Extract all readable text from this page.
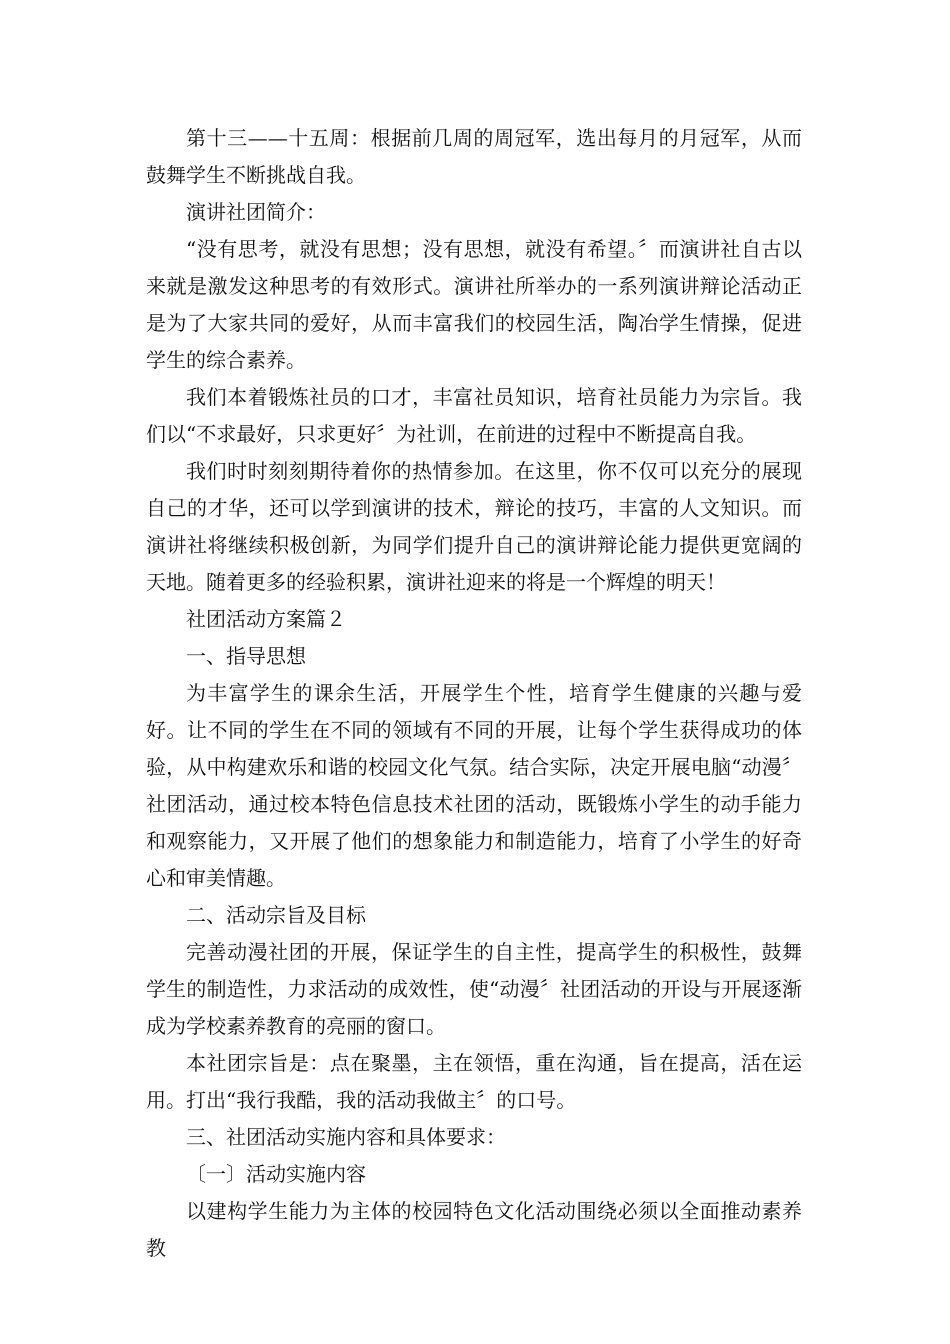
第十三——十五周：根据前几周的周冠军，选出每月的月冠军，从而鼓舞学生不断挑战自我。

演讲社团简介：

“没有思考，就没有思想；没有思想，就没有希望。〞而演讲社自古以来就是激发这种思考的有效形式。演讲社所举办的一系列演讲辩论活动正是为了大家共同的爱好，从而丰富我们的校园生活，陶冶学生情操，促进学生的综合素养。

我们本着锻炼社员的口才，丰富社员知识，培育社员能力为宗旨。我们以“不求最好，只求更好〞为社训，在前进的过程中不断提高自我。

我们时时刻刻期待着你的热情参加。在这里，你不仅可以充分的展现自己的才华，还可以学到演讲的技术，辩论的技巧，丰富的人文知识。而演讲社将继续积极创新，为同学们提升自己的演讲辩论能力提供更宽阔的天地。随着更多的经验积累，演讲社迎来的将是一个辉煌的明天！

社团活动方案篇２

一、指导思想

为丰富学生的课余生活，开展学生个性，培育学生健康的兴趣与爱好。让不同的学生在不同的领域有不同的开展，让每个学生获得成功的体验，从中构建欢乐和谐的校园文化气氛。结合实际，决定开展电脑“动漫〞社团活动，通过校本特色信息技术社团的活动，既锻炼小学生的动手能力和观察能力，又开展了他们的想象能力和制造能力，培育了小学生的好奇心和审美情趣。

二、活动宗旨及目标

完善动漫社团的开展，保证学生的自主性，提高学生的积极性，鼓舞学生的制造性，力求活动的成效性，使“动漫〞社团活动的开设与开展逐渐成为学校素养教育的亮丽的窗口。

本社团宗旨是：点在聚墨，主在领悟，重在沟通，旨在提高，活在运用。打出“我行我酷，我的活动我做主〞的口号。

三、社团活动实施内容和具体要求：

〔一〕活动实施内容

以建构学生能力为主体的校园特色文化活动围绕必须以全面推动素养教
